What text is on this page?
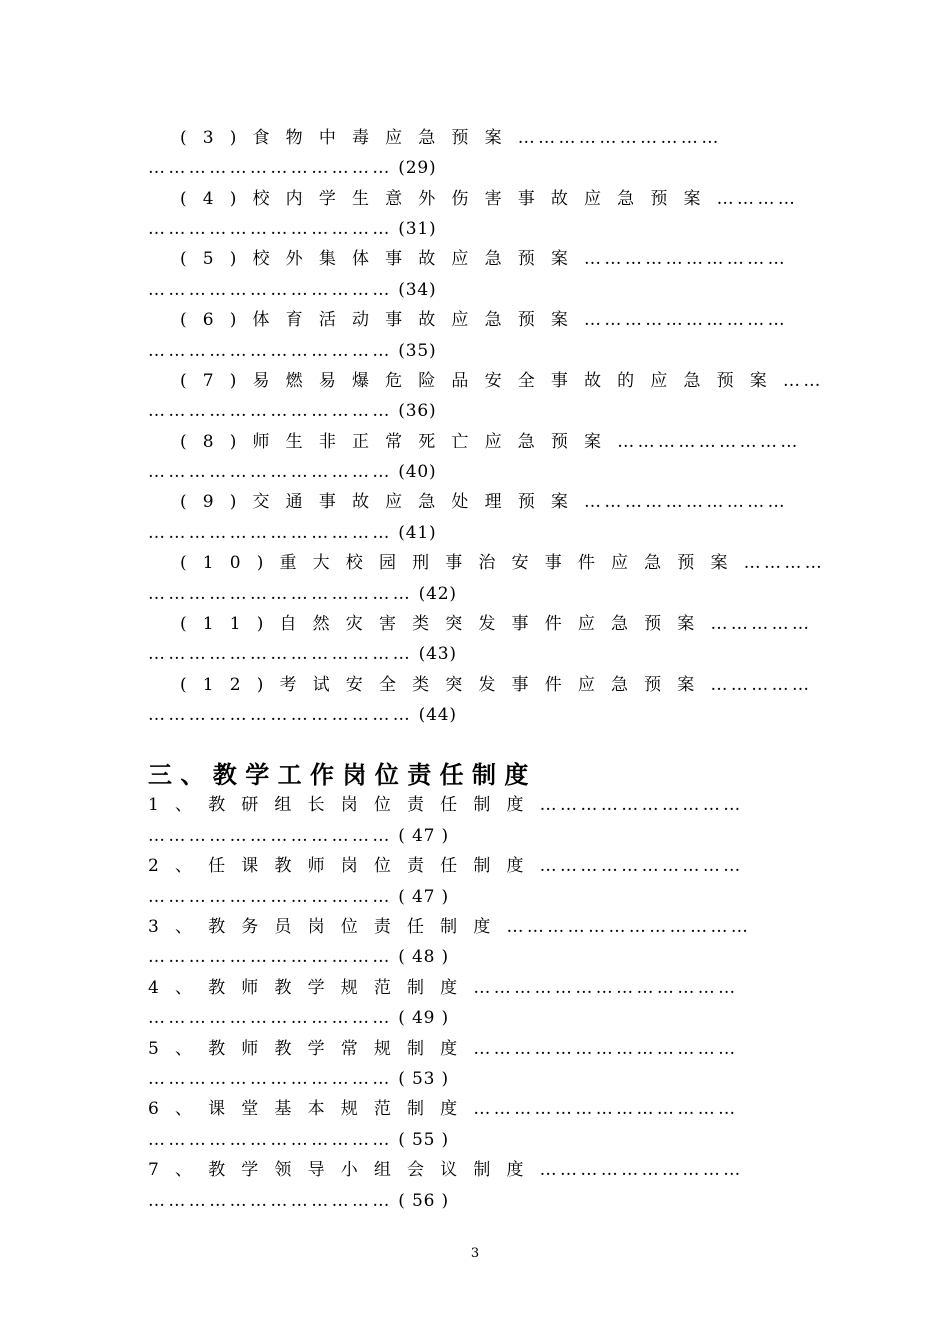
(3)食物中毒应急预案…………………………
……………………………… (29)
(4)校内学生意外伤害事故应急预案…………
……………………………… (31)
(5)校外集体事故应急预案…………………………
……………………………… (34)
(6)体育活动事故应急预案…………………………
……………………………… (35)
(7)易燃易爆危险品安全事故的应急预案……
……………………………… (36)
(8)师生非正常死亡应急预案………………………
……………………………… (40)
(9)交通事故应急处理预案…………………………
……………………………… (41)
(10)重大校园刑事治安事件应急预案…………
………………………………… (42)
(11)自然灾害类突发事件应急预案……………
………………………………… (43)
(12)考试安全类突发事件应急预案……………
………………………………… (44)
三、教学工作岗位责任制度
1、教研组长岗位责任制度…………………………
……………………………… ( 47 )
2、任课教师岗位责任制度…………………………
……………………………… ( 47 )
3、教务员岗位责任制度………………………………
……………………………… ( 48 )
4、教师教学规范制度…………………………………
……………………………… ( 49 )
5、教师教学常规制度…………………………………
……………………………… ( 53 )
6、课堂基本规范制度…………………………………
……………………………… ( 55 )
7、教学领导小组会议制度…………………………
……………………………… ( 56 )
3
